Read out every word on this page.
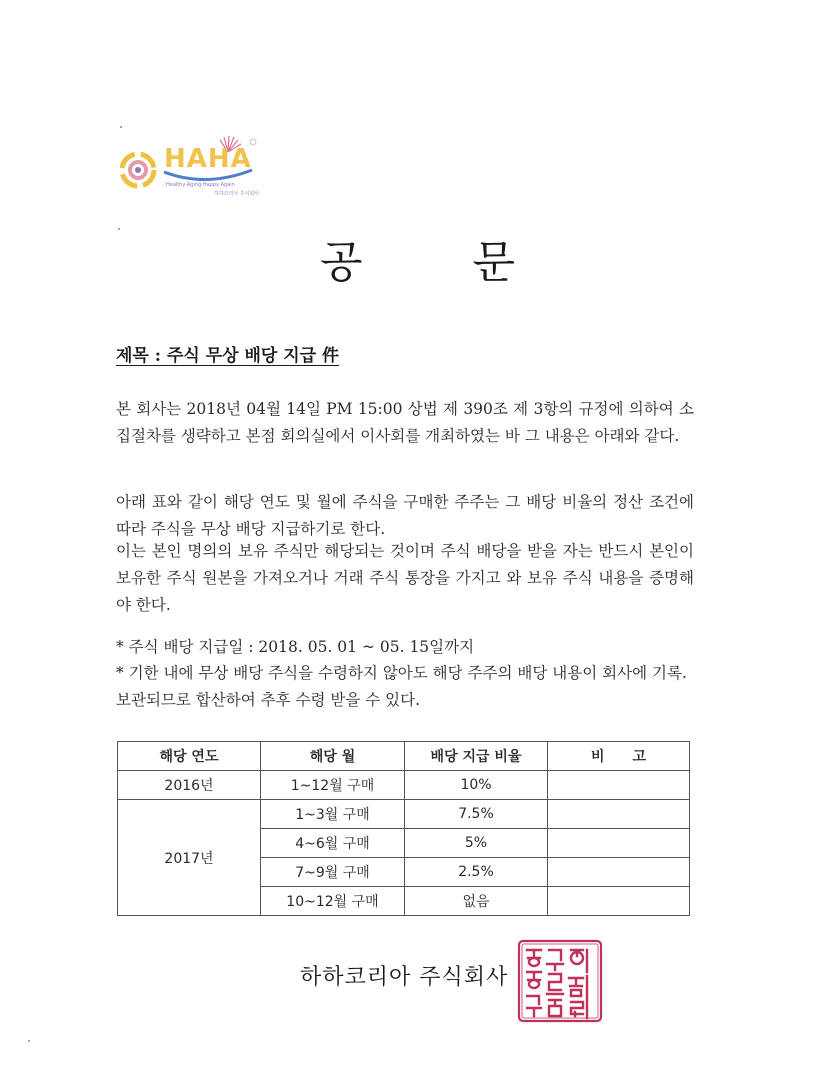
HAHA
Healthy·Aging·Happy·Again
하하코리아 주식회사
공문
제목 : 주식 무상 배당 지급 件
본 회사는 2018년 04월 14일 PM 15:00 상법 제 390조 제 3항의 규정에 의하여 소집절차를 생략하고 본점 회의실에서 이사회를 개최하였는 바 그 내용은 아래와 같다.
아래 표와 같이 해당 연도 및 월에 주식을 구매한 주주는 그 배당 비율의 정산 조건에 따라 주식을 무상 배당 지급하기로 한다.
이는 본인 명의의 보유 주식만 해당되는 것이며 주식 배당을 받을 자는 반드시 본인이 보유한 주식 원본을 가져오거나 거래 주식 통장을 가지고 와 보유 주식 내용을 증명해야 한다.
* 주식 배당 지급일 : 2018. 05. 01 ~ 05. 15일까지
* 기한 내에 무상 배당 주식을 수령하지 않아도 해당 주주의 배당 내용이 회사에 기록. 보관되므로 합산하여 추후 수령 받을 수 있다.
해당 연도	해당 월	배당 지급 비율	비　　고
2016년	1~12월 구매	10%	
2017년	1~3월 구매	7.5%	
	4~6월 구매	5%	
	7~9월 구매	2.5%	
	10~12월 구매	없음	
하하코리아 주식회사
